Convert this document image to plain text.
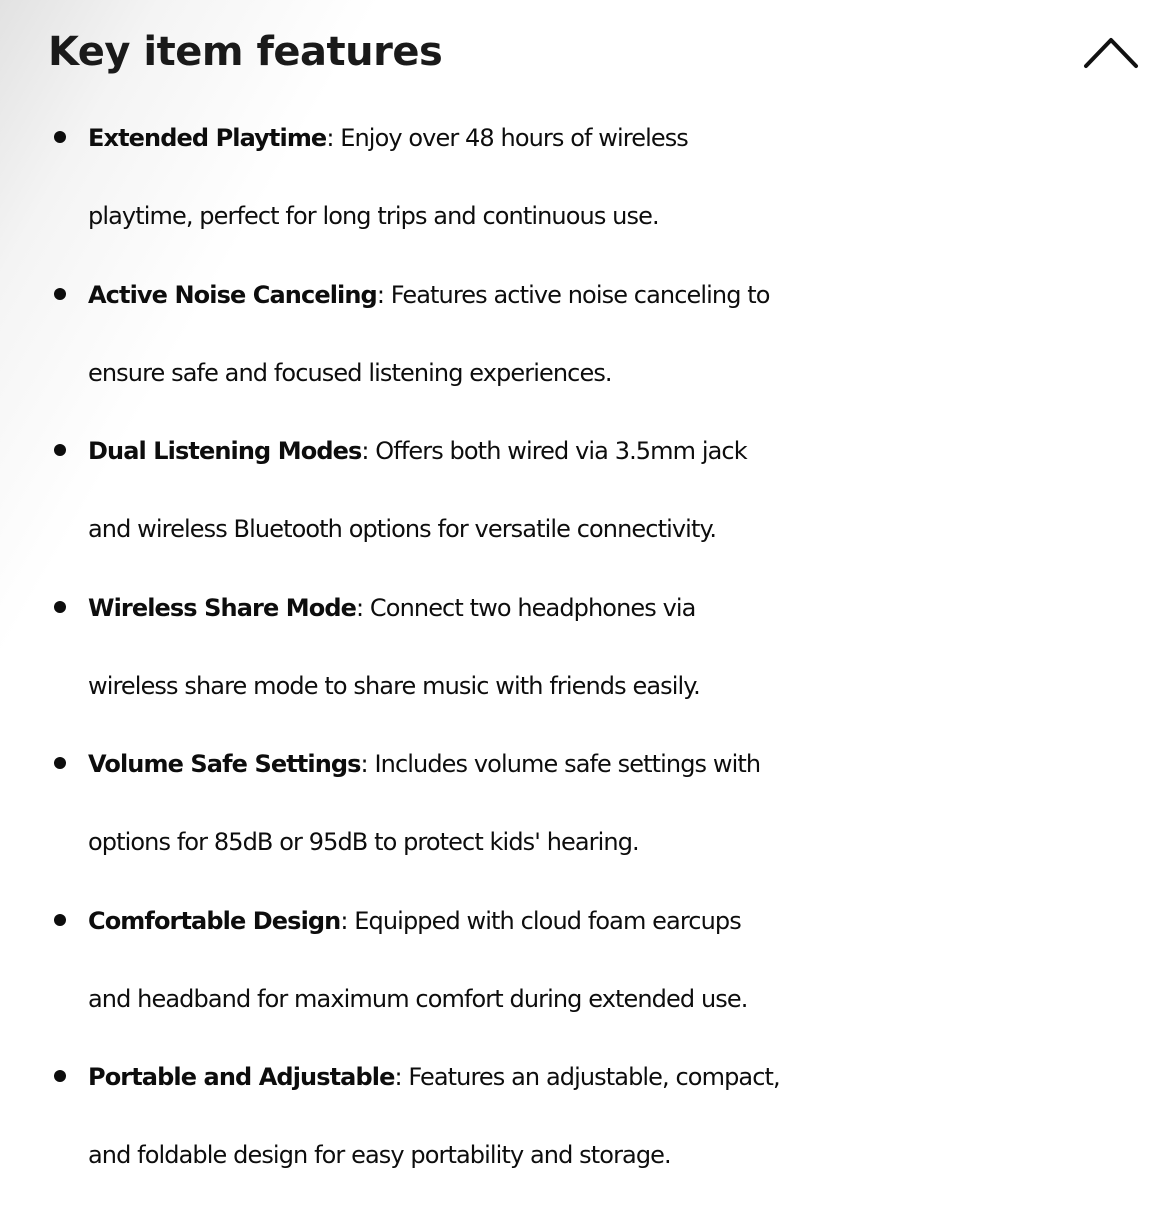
Key item features
Extended Playtime: Enjoy over 48 hours of wireless
playtime, perfect for long trips and continuous use.
Active Noise Canceling: Features active noise canceling to
ensure safe and focused listening experiences.
Dual Listening Modes: Offers both wired via 3.5mm jack
and wireless Bluetooth options for versatile connectivity.
Wireless Share Mode: Connect two headphones via
wireless share mode to share music with friends easily.
Volume Safe Settings: Includes volume safe settings with
options for 85dB or 95dB to protect kids' hearing.
Comfortable Design: Equipped with cloud foam earcups
and headband for maximum comfort during extended use.
Portable and Adjustable: Features an adjustable, compact,
and foldable design for easy portability and storage.
